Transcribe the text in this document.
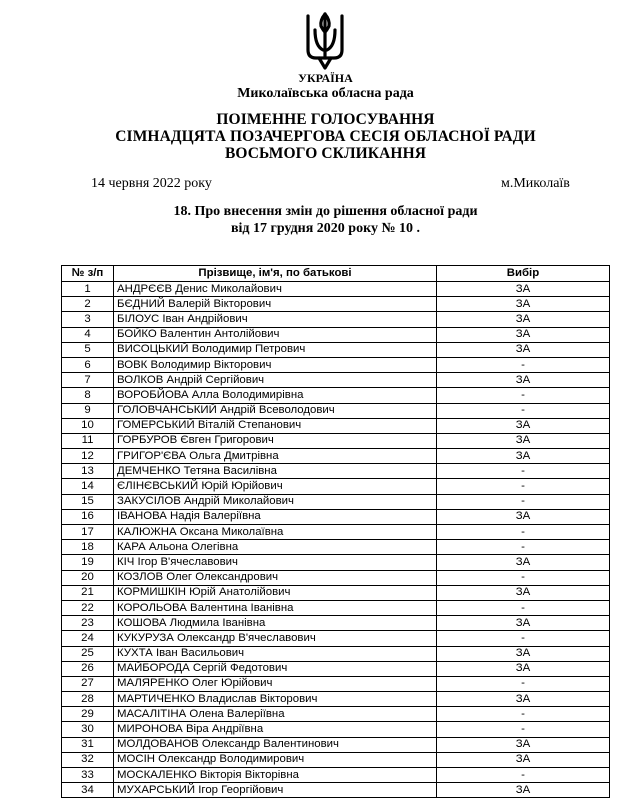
УКРАЇНА
Миколаївська обласна рада
ПОІМЕННЕ ГОЛОСУВАННЯ
СІМНАДЦЯТА ПОЗАЧЕРГОВА СЕСІЯ ОБЛАСНОЇ РАДИ
ВОСЬМОГО СКЛИКАННЯ
14 червня 2022 року	м.Миколаїв
18. Про внесення змін до рішення обласної ради
від 17 грудня 2020 року № 10 .
№ з/п	Прізвище, ім'я, по батькові	Вибір
1	АНДРЄЄВ Денис Миколайович	ЗА
2	БЄДНИЙ Валерій Вікторович	ЗА
3	БІЛОУС Іван Андрійович	ЗА
4	БОЙКО Валентин Антолійович	ЗА
5	ВИСОЦЬКИЙ Володимир Петрович	ЗА
6	ВОВК Володимир Вікторович	-
7	ВОЛКОВ Андрій Сергійович	ЗА
8	ВОРОБЙОВА Алла Володимирівна	-
9	ГОЛОВЧАНСЬКИЙ Андрій Всеволодович	-
10	ГОМЕРСЬКИЙ Віталій Степанович	ЗА
11	ГОРБУРОВ Євген Григорович	ЗА
12	ГРИГОР'ЄВА Ольга Дмитрівна	ЗА
13	ДЕМЧЕНКО Тетяна Василівна	-
14	ЄЛІНЄВСЬКИЙ Юрій Юрійович	-
15	ЗАКУСІЛОВ Андрій Миколайович	-
16	ІВАНОВА Надія Валеріївна	ЗА
17	КАЛЮЖНА Оксана Миколаївна	-
18	КАРА Альона Олегівна	-
19	КІЧ Ігор В'ячеславович	ЗА
20	КОЗЛОВ Олег Олександрович	-
21	КОРМИШКІН Юрій Анатолійович	ЗА
22	КОРОЛЬОВА Валентина Іванівна	-
23	КОШОВА Людмила Іванівна	ЗА
24	КУКУРУЗА Олександр В'ячеславович	-
25	КУХТА Іван Васильович	ЗА
26	МАЙБОРОДА Сергій Федотович	ЗА
27	МАЛЯРЕНКО Олег Юрійович	-
28	МАРТИЧЕНКО Владислав Вікторович	ЗА
29	МАСАЛІТІНА Олена Валеріївна	-
30	МИРОНОВА Віра Андріївна	-
31	МОЛДОВАНОВ Олександр Валентинович	ЗА
32	МОСІН Олександр Володимирович	ЗА
33	МОСКАЛЕНКО Вікторія Вікторівна	-
34	МУХАРСЬКИЙ Ігор Георгійович	ЗА
